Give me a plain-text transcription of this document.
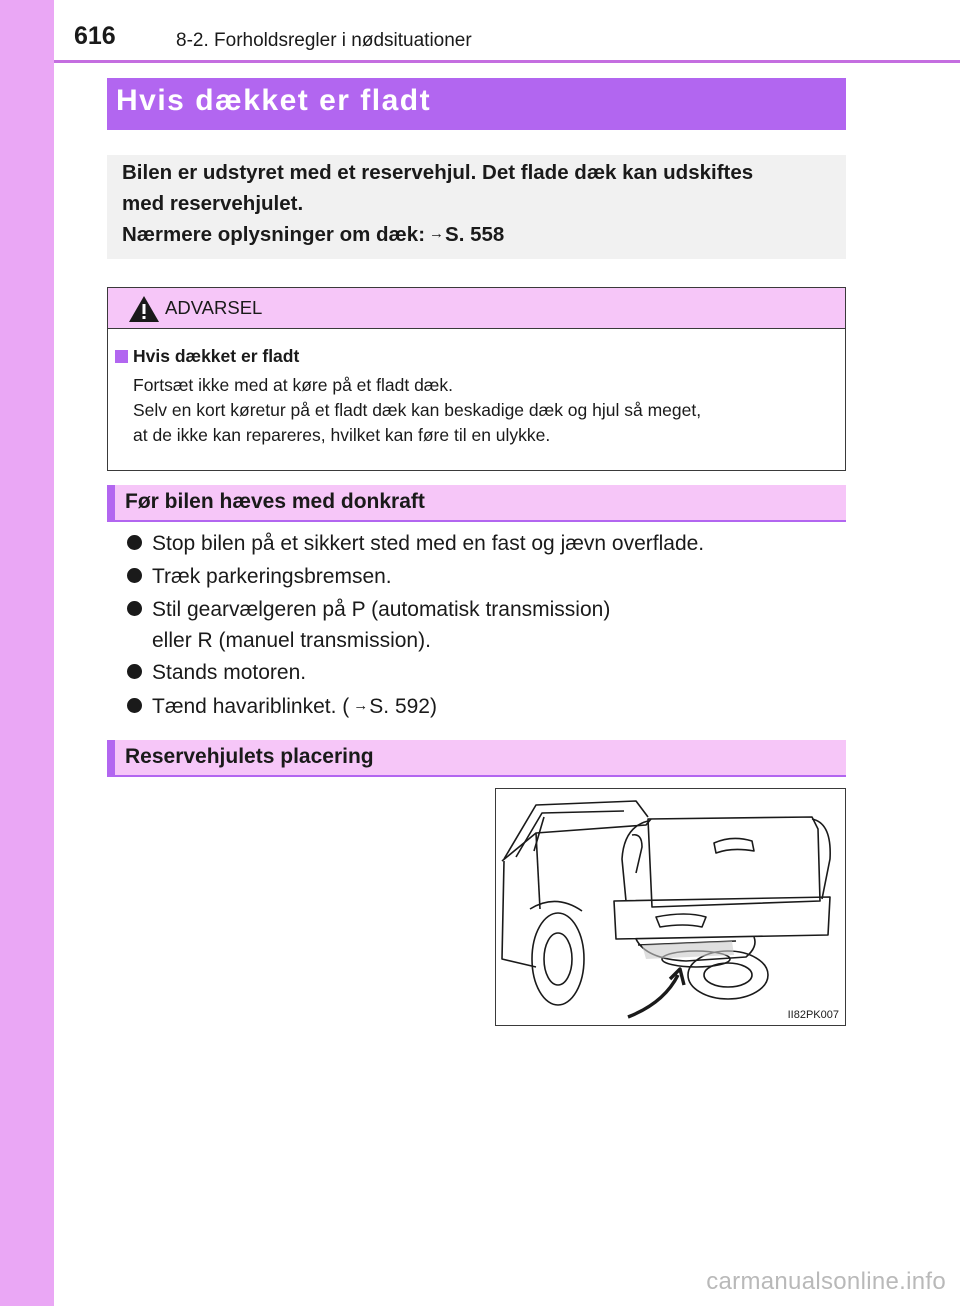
616	8-2. Forholdsregler i nødsituationer
Hvis dækket er fladt
Bilen er udstyret med et reservehjul. Det flade dæk kan udskiftes
med reservehjulet.
Nærmere oplysninger om dæk: →S. 558
ADVARSEL
Hvis dækket er fladt
Fortsæt ikke med at køre på et fladt dæk.
Selv en kort køretur på et fladt dæk kan beskadige dæk og hjul så meget,
at de ikke kan repareres, hvilket kan føre til en ulykke.
Før bilen hæves med donkraft
Stop bilen på et sikkert sted med en fast og jævn overflade.
Træk parkeringsbremsen.
Stil gearvælgeren på P (automatisk transmission)
eller R (manuel transmission).
Stands motoren.
Tænd havariblinket. ( →S. 592)
Reservehjulets placering
II82PK007
carmanualsonline.info
